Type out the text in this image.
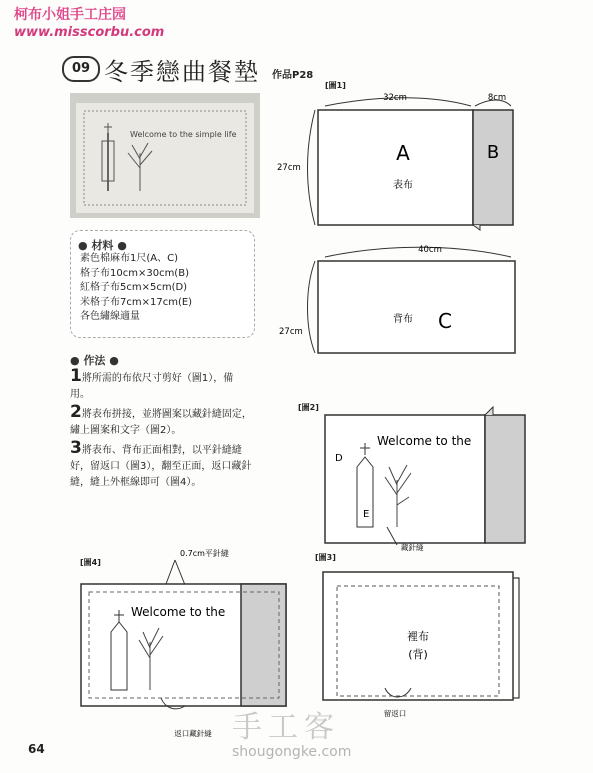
柯布小姐手工庄园
www.misscorbu.com
09 冬季戀曲餐墊 作品P28
Welcome to the simple life
● 材料 ●
素色棉麻布1尺(A、C)
格子布10cm×30cm(B)
紅格子布5cm×5cm(D)
米格子布7cm×17cm(E)
各色繡線適量
● 作法 ●
1將所需的布依尺寸剪好（圖1），備用。
2將表布拼接，並將圖案以藏針縫固定，繡上圖案和文字（圖2）。
3將表布、背布正面相對，以平針縫縫好，留返口（圖3），翻至正面，返口藏針縫，縫上外框線即可（圖4）。
[圖1]
32cm	8cm
27cm
A	B
表布
40cm
27cm
背布 C
[圖2]
Welcome to the
D
E
藏針縫
[圖3]
裡布
(背)
留返口
[圖4]
0.7cm平針縫
Welcome to the
返口藏針縫
64
手工客
shougongke.com
